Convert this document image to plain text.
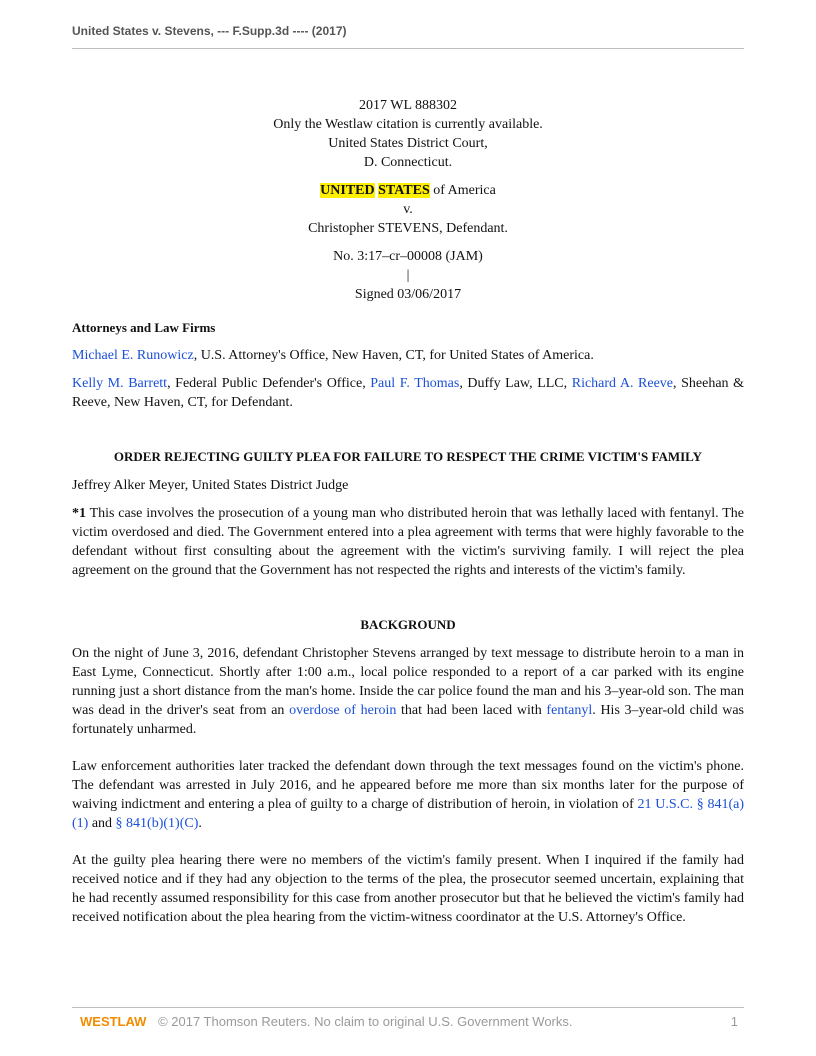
United States v. Stevens, --- F.Supp.3d ---- (2017)
2017 WL 888302
Only the Westlaw citation is currently available.
United States District Court,
D. Connecticut.
UNITED STATES of America
v.
Christopher STEVENS, Defendant.
No. 3:17–cr–00008 (JAM)
|
Signed 03/06/2017
Attorneys and Law Firms

Michael E. Runowicz, U.S. Attorney's Office, New Haven, CT, for United States of America.

Kelly M. Barrett, Federal Public Defender's Office, Paul F. Thomas, Duffy Law, LLC, Richard A. Reeve, Sheehan & Reeve, New Haven, CT, for Defendant.

ORDER REJECTING GUILTY PLEA FOR FAILURE TO RESPECT THE CRIME VICTIM'S FAMILY

Jeffrey Alker Meyer, United States District Judge

*1 This case involves the prosecution of a young man who distributed heroin that was lethally laced with fentanyl. The victim overdosed and died. The Government entered into a plea agreement with terms that were highly favorable to the defendant without first consulting about the agreement with the victim's surviving family. I will reject the plea agreement on the ground that the Government has not respected the rights and interests of the victim's family.

BACKGROUND

On the night of June 3, 2016, defendant Christopher Stevens arranged by text message to distribute heroin to a man in East Lyme, Connecticut. Shortly after 1:00 a.m., local police responded to a report of a car parked with its engine running just a short distance from the man's home. Inside the car police found the man and his 3–year-old son. The man was dead in the driver's seat from an overdose of heroin that had been laced with fentanyl. His 3–year-old child was fortunately unharmed.

Law enforcement authorities later tracked the defendant down through the text messages found on the victim's phone. The defendant was arrested in July 2016, and he appeared before me more than six months later for the purpose of waiving indictment and entering a plea of guilty to a charge of distribution of heroin, in violation of 21 U.S.C. § 841(a)(1) and § 841(b)(1)(C).

At the guilty plea hearing there were no members of the victim's family present. When I inquired if the family had received notice and if they had any objection to the terms of the plea, the prosecutor seemed uncertain, explaining that he had recently assumed responsibility for this case from another prosecutor but that he believed the victim's family had received notification about the plea hearing from the victim-witness coordinator at the U.S. Attorney's Office.

WESTLAW © 2017 Thomson Reuters. No claim to original U.S. Government Works.	1
